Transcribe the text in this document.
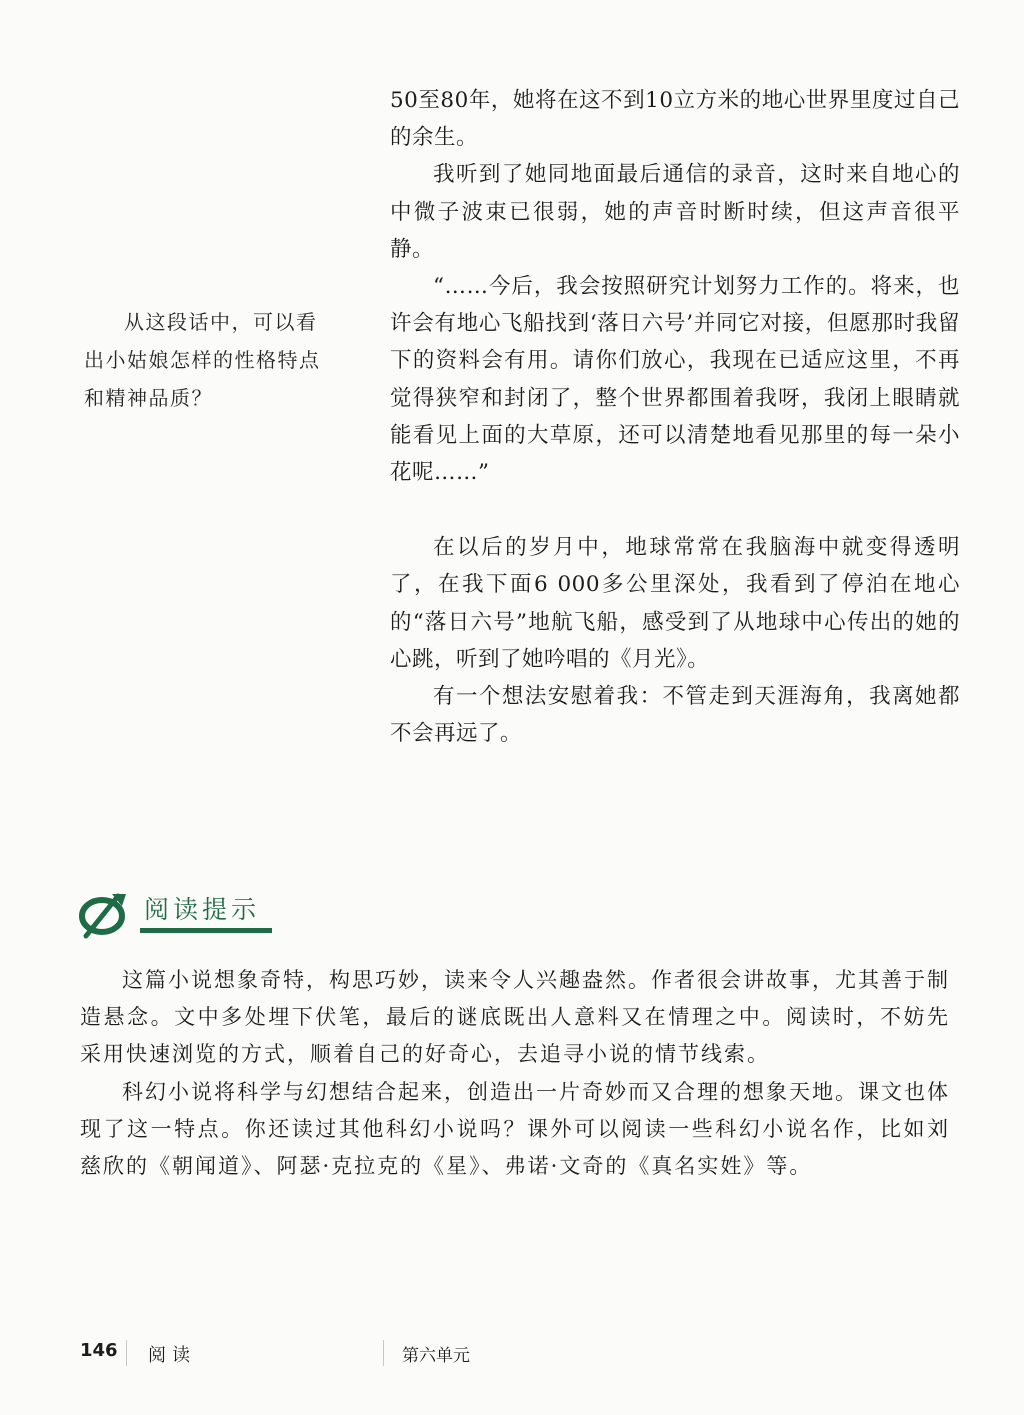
50至80年，她将在这不到10立方米的地心世界里度过自己的余生。

我听到了她同地面最后通信的录音，这时来自地心的中微子波束已很弱，她的声音时断时续，但这声音很平静。

“……今后，我会按照研究计划努力工作的。将来，也许会有地心飞船找到‘落日六号’并同它对接，但愿那时我留下的资料会有用。请你们放心，我现在已适应这里，不再觉得狭窄和封闭了，整个世界都围着我呀，我闭上眼睛就能看见上面的大草原，还可以清楚地看见那里的每一朵小花呢……”

在以后的岁月中，地球常常在我脑海中就变得透明了，在我下面6 000多公里深处，我看到了停泊在地心的“落日六号”地航飞船，感受到了从地球中心传出的她的心跳，听到了她吟唱的《月光》。

有一个想法安慰着我：不管走到天涯海角，我离她都不会再远了。

从这段话中，可以看出小姑娘怎样的性格特点和精神品质？

阅读提示

这篇小说想象奇特，构思巧妙，读来令人兴趣盎然。作者很会讲故事，尤其善于制造悬念。文中多处埋下伏笔，最后的谜底既出人意料又在情理之中。阅读时，不妨先采用快速浏览的方式，顺着自己的好奇心，去追寻小说的情节线索。

科幻小说将科学与幻想结合起来，创造出一片奇妙而又合理的想象天地。课文也体现了这一特点。你还读过其他科幻小说吗？课外可以阅读一些科幻小说名作，比如刘慈欣的《朝闻道》、阿瑟·克拉克的《星》、弗诺·文奇的《真名实姓》等。

146 阅读	第六单元
